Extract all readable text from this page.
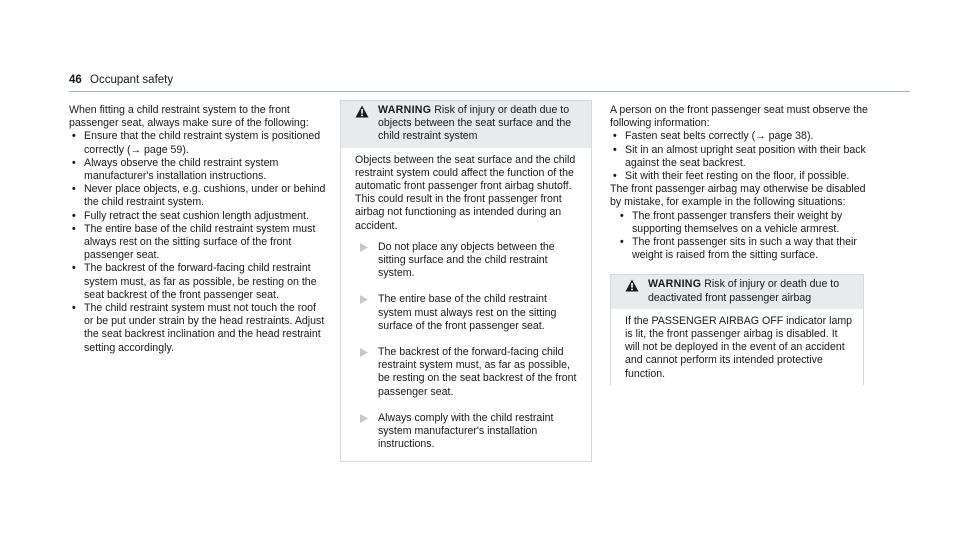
46 Occupant safety

When fitting a child restraint system to the front passenger seat, always make sure of the following:

• Ensure that the child restraint system is positioned correctly (→ page 59).
• Always observe the child restraint system manufacturer's installation instructions.
• Never place objects, e.g. cushions, under or behind the child restraint system.
• Fully retract the seat cushion length adjustment.
• The entire base of the child restraint system must always rest on the sitting surface of the front passenger seat.
• The backrest of the forward-facing child restraint system must, as far as possible, be resting on the seat backrest of the front passenger seat.
• The child restraint system must not touch the roof or be put under strain by the head restraints. Adjust the seat backrest inclination and the head restraint setting accordingly.
WARNING Risk of injury or death due to objects between the seat surface and the child restraint system

Objects between the seat surface and the child restraint system could affect the function of the automatic front passenger front airbag shutoff.

This could result in the front passenger front airbag not functioning as intended during an accident.

Do not place any objects between the sitting surface and the child restraint system.
The entire base of the child restraint system must always rest on the sitting surface of the front passenger seat.
The backrest of the forward-facing child restraint system must, as far as possible, be resting on the seat backrest of the front passenger seat.
Always comply with the child restraint system manufacturer's installation instructions.

A person on the front passenger seat must observe the following information:

• Fasten seat belts correctly (→ page 38).
• Sit in an almost upright seat position with their back against the seat backrest.
• Sit with their feet resting on the floor, if possible.

The front passenger airbag may otherwise be disabled by mistake, for example in the following situations:

• The front passenger transfers their weight by supporting themselves on a vehicle armrest.
• The front passenger sits in such a way that their weight is raised from the sitting surface.
WARNING Risk of injury or death due to deactivated front passenger airbag

If the PASSENGER AIRBAG OFF indicator lamp is lit, the front passenger airbag is disabled. It will not be deployed in the event of an accident and cannot perform its intended protective function.
